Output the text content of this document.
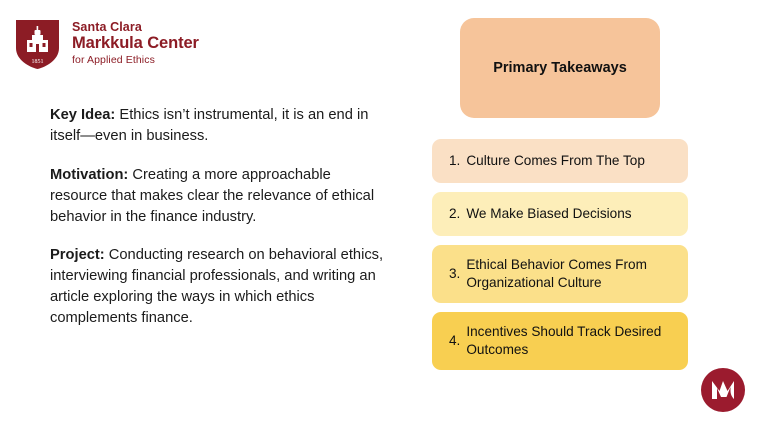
1851
Santa Clara
Markkula Center
for Applied Ethics
Key Idea: Ethics isn’t instrumental, it is an end in itself—even in business.
Motivation: Creating a more approachable resource that makes clear the relevance of ethical behavior in the finance industry.
Project: Conducting research on behavioral ethics, interviewing financial professionals, and writing an article exploring the ways in which ethics complements finance.
Primary Takeaways
1. Culture Comes From The Top
2. We Make Biased Decisions
3.
Ethical Behavior Comes From Organizational Culture
4.
Incentives Should Track Desired Outcomes
